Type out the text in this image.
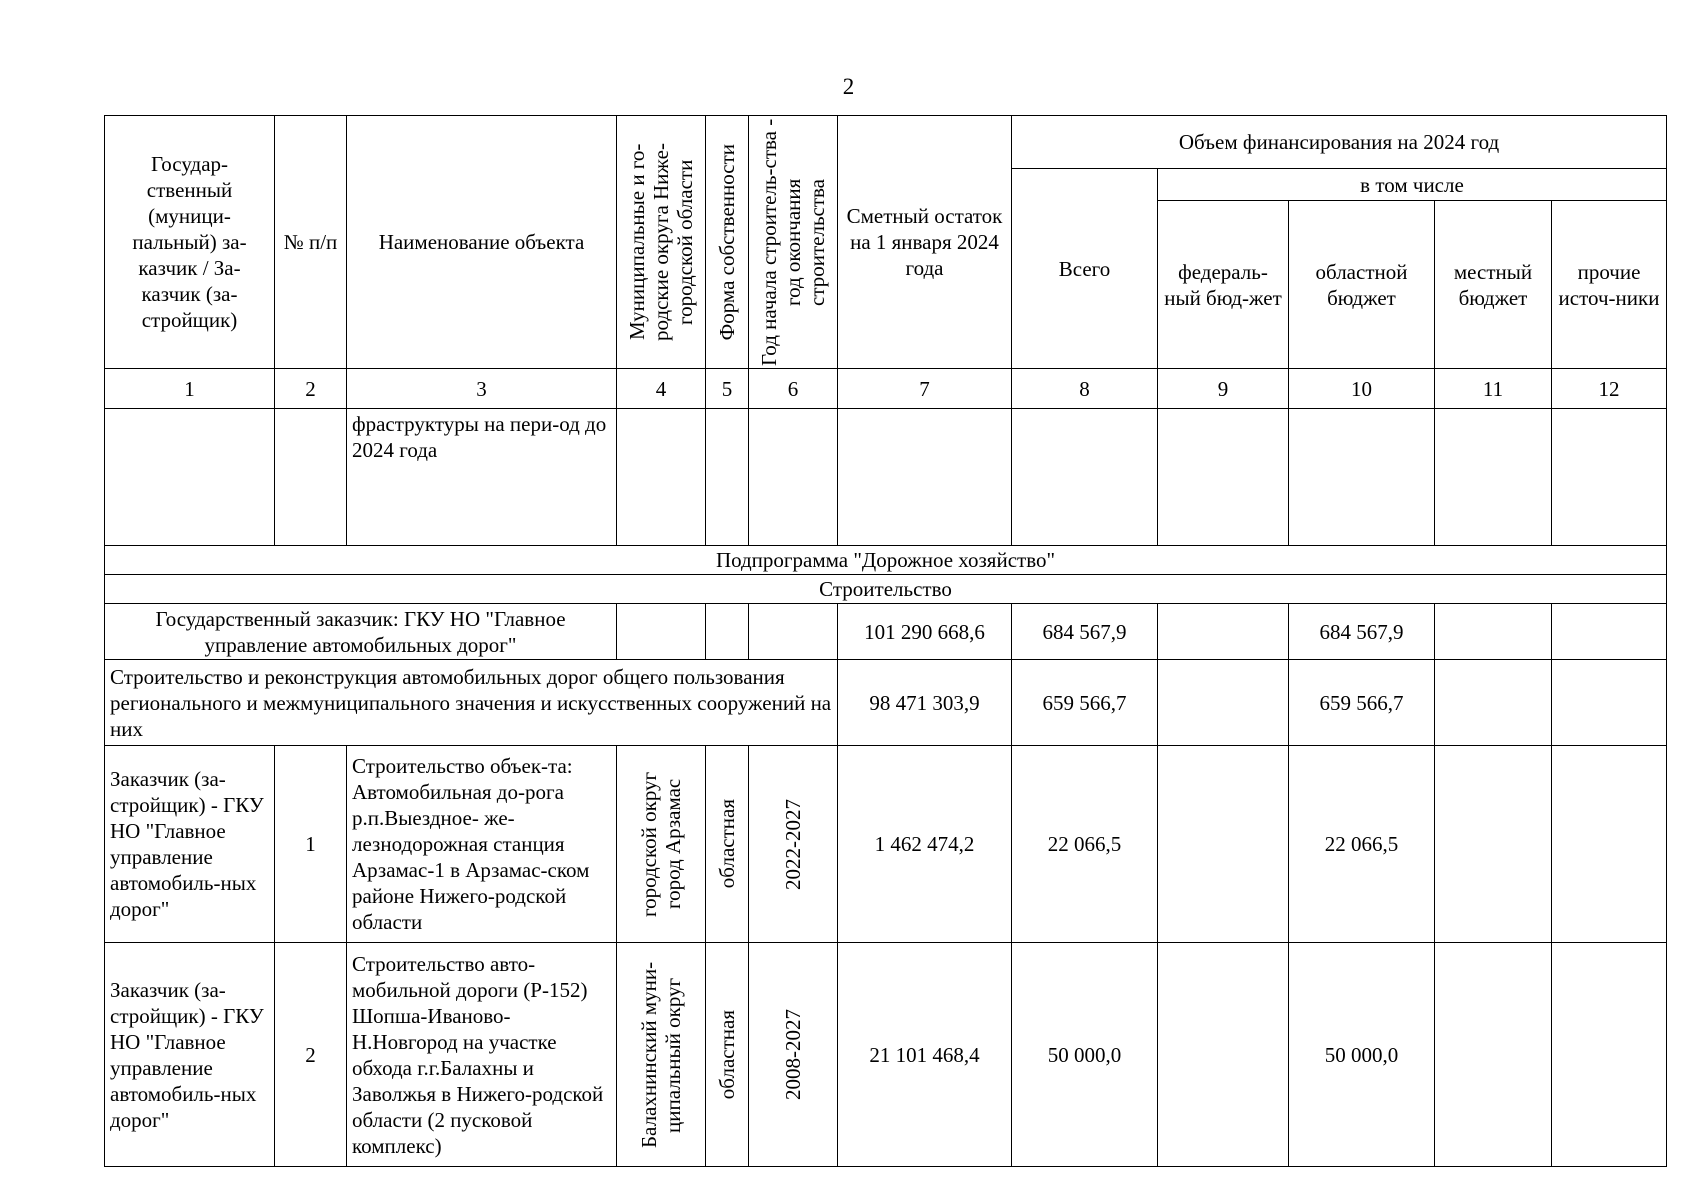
2
Государ-ственный (муници-пальный) за-казчик / За-казчик (за-стройщик)	№ п/п	Наименование объекта	Муниципальные и го-родские округа Ниже-городской области	Форма собственности	Год начала строитель-ства - год окончания строительства	Сметный остаток на 1 января 2024 года	Объем финансирования на 2024 год				
							Всего	в том числе			
								федераль-ный бюд-жет	областной бюджет	местный бюджет	прочие источ-ники
1	2	3	4	5	6	7	8	9	10	11	12
		фраструктуры на пери-од до 2024 года									
Подпрограмма "Дорожное хозяйство"											
Строительство											
Государственный заказчик: ГКУ НО "Главное управление автомобильных дорог"						101 290 668,6	684 567,9		684 567,9		
Строительство и реконструкция автомобильных дорог общего пользования регионального и межмуниципального значения и искусственных сооружений на них						98 471 303,9	659 566,7		659 566,7		
Заказчик (за-стройщик) - ГКУ НО "Главное управление автомобиль-ных дорог"	1	Строительство объек-та: Автомобильная до-рога р.п.Выездное- же-лезнодорожная станция Арзамас-1 в Арзамас-ском районе Нижего-родской области	городской округ город Арзамас	областная	2022-2027	1 462 474,2	22 066,5		22 066,5		
Заказчик (за-стройщик) - ГКУ НО "Главное управление автомобиль-ных дорог"	2	Строительство авто-мобильной дороги (Р-152) Шопша-Иваново-Н.Новгород на участке обхода г.г.Балахны и Заволжья в Нижего-родской области (2 пусковой комплекс)	Балахнинский муни-ципальный округ	областная	2008-2027	21 101 468,4	50 000,0		50 000,0		
